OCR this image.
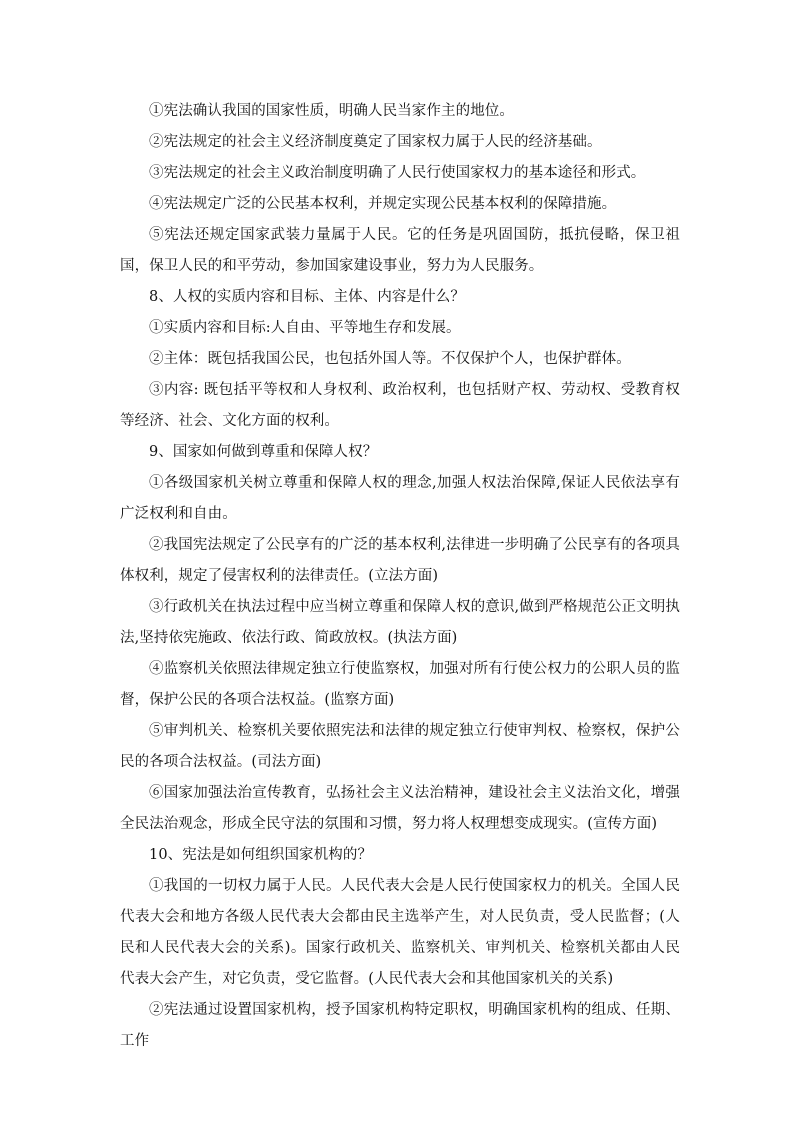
①宪法确认我国的国家性质，明确人民当家作主的地位。

②宪法规定的社会主义经济制度奠定了国家权力属于人民的经济基础。

③宪法规定的社会主义政治制度明确了人民行使国家权力的基本途径和形式。

④宪法规定广泛的公民基本权利，并规定实现公民基本权利的保障措施。

⑤宪法还规定国家武装力量属于人民。它的任务是巩固国防，抵抗侵略，保卫祖国，保卫人民的和平劳动，参加国家建设事业，努力为人民服务。

8、人权的实质内容和目标、主体、内容是什么？

①实质内容和目标:人自由、平等地生存和发展。

②主体：既包括我国公民，也包括外国人等。不仅保护个人，也保护群体。

③内容: 既包括平等权和人身权利、政治权利，也包括财产权、劳动权、受教育权等经济、社会、文化方面的权利。

9、国家如何做到尊重和保障人权？

①各级国家机关树立尊重和保障人权的理念,加强人权法治保障,保证人民依法享有广泛权利和自由。

②我国宪法规定了公民享有的广泛的基本权利,法律进一步明确了公民享有的各项具体权利，规定了侵害权利的法律责任。(立法方面)

③行政机关在执法过程中应当树立尊重和保障人权的意识,做到严格规范公正文明执法,坚持依宪施政、依法行政、简政放权。(执法方面)

④监察机关依照法律规定独立行使监察权，加强对所有行使公权力的公职人员的监督，保护公民的各项合法权益。(监察方面)

⑤审判机关、检察机关要依照宪法和法律的规定独立行使审判权、检察权，保护公民的各项合法权益。(司法方面)

⑥国家加强法治宣传教育，弘扬社会主义法治精神，建设社会主义法治文化，增强全民法治观念，形成全民守法的氛围和习惯，努力将人权理想变成现实。(宣传方面)

10、宪法是如何组织国家机构的？

①我国的一切权力属于人民。人民代表大会是人民行使国家权力的机关。全国人民代表大会和地方各级人民代表大会都由民主选举产生，对人民负责，受人民监督；(人民和人民代表大会的关系)。国家行政机关、监察机关、审判机关、检察机关都由人民代表大会产生，对它负责，受它监督。(人民代表大会和其他国家机关的关系)

②宪法通过设置国家机构，授予国家机构特定职权，明确国家机构的组成、任期、工作
